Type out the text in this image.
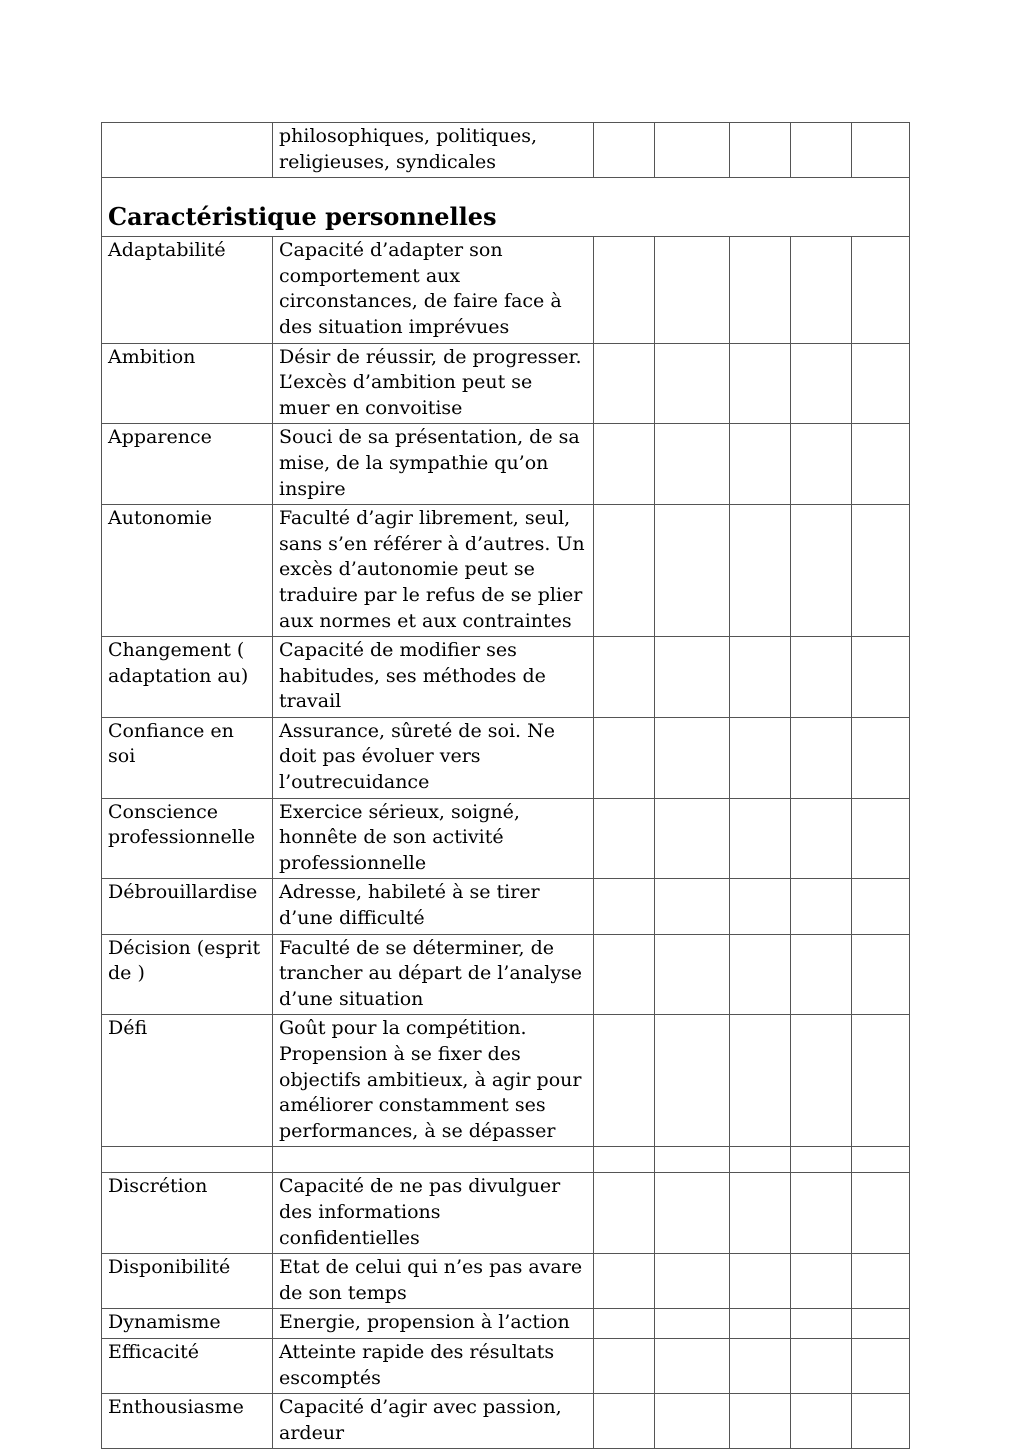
	philosophiques, politiques, religieuses, syndicales					
Caractéristique personnelles						
Adaptabilité	Capacité d’adapter son comportement aux circonstances, de faire face à des situation imprévues					
Ambition	Désir de réussir, de progresser. L’excès d’ambition peut se muer en convoitise					
Apparence	Souci de sa présentation, de sa mise, de la sympathie qu’on inspire					
Autonomie	Faculté d’agir librement, seul, sans s’en référer à d’autres. Un excès d’autonomie peut se traduire par le refus de se plier aux normes et aux contraintes					
Changement ( adaptation au)	Capacité de modifier ses habitudes, ses méthodes de travail					
Confiance en soi	Assurance, sûreté de soi. Ne doit pas évoluer vers l’outrecuidance					
Conscience professionnelle	Exercice sérieux, soigné, honnête de son activité professionnelle					
Débrouillardise	Adresse, habileté à se tirer d’une difficulté					
Décision (esprit de )	Faculté de se déterminer, de trancher au départ de l’analyse d’une situation					
Défi	Goût pour la compétition. Propension à se fixer des objectifs ambitieux, à agir pour améliorer constamment ses performances, à se dépasser					

Discrétion	Capacité de ne pas divulguer des informations confidentielles					
Disponibilité	Etat de celui qui n’es pas avare de son temps					
Dynamisme	Energie, propension à l’action					
Efficacité	Atteinte rapide des résultats escomptés					
Enthousiasme	Capacité d’agir avec passion, ardeur					
